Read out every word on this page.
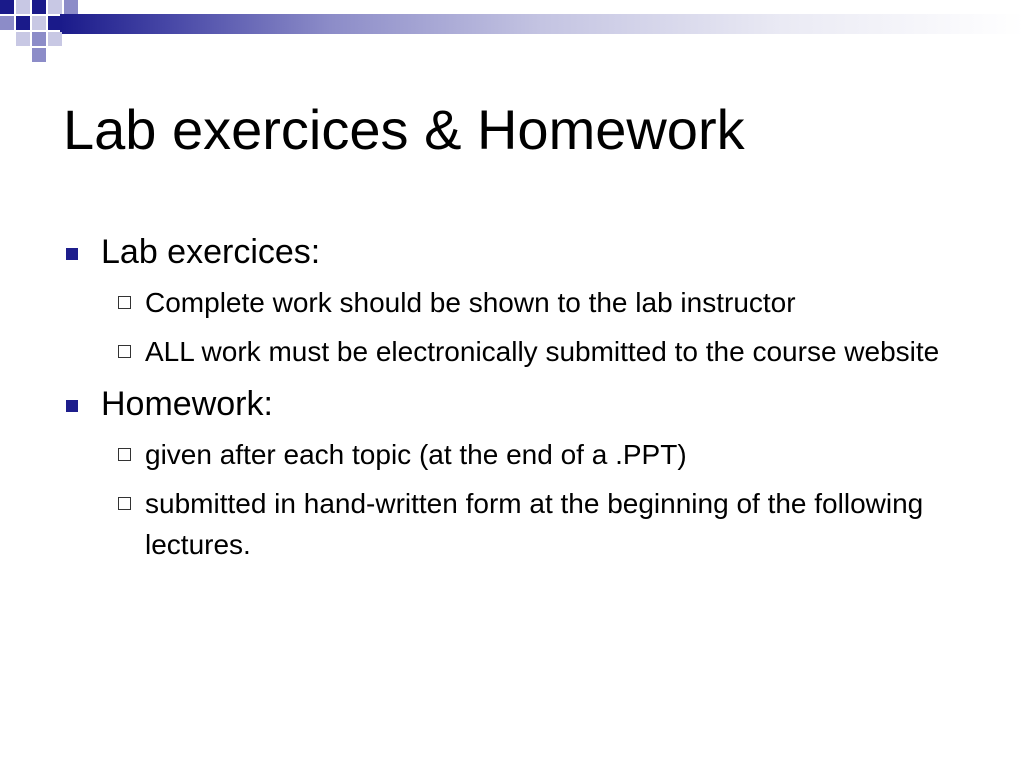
Lab exercices & Homework
Lab exercices:
Complete work should be shown to the lab instructor
ALL work must be electronically submitted to the course website
Homework:
given after each topic (at the end of a .PPT)
submitted in hand-written form at the beginning of the following lectures.
